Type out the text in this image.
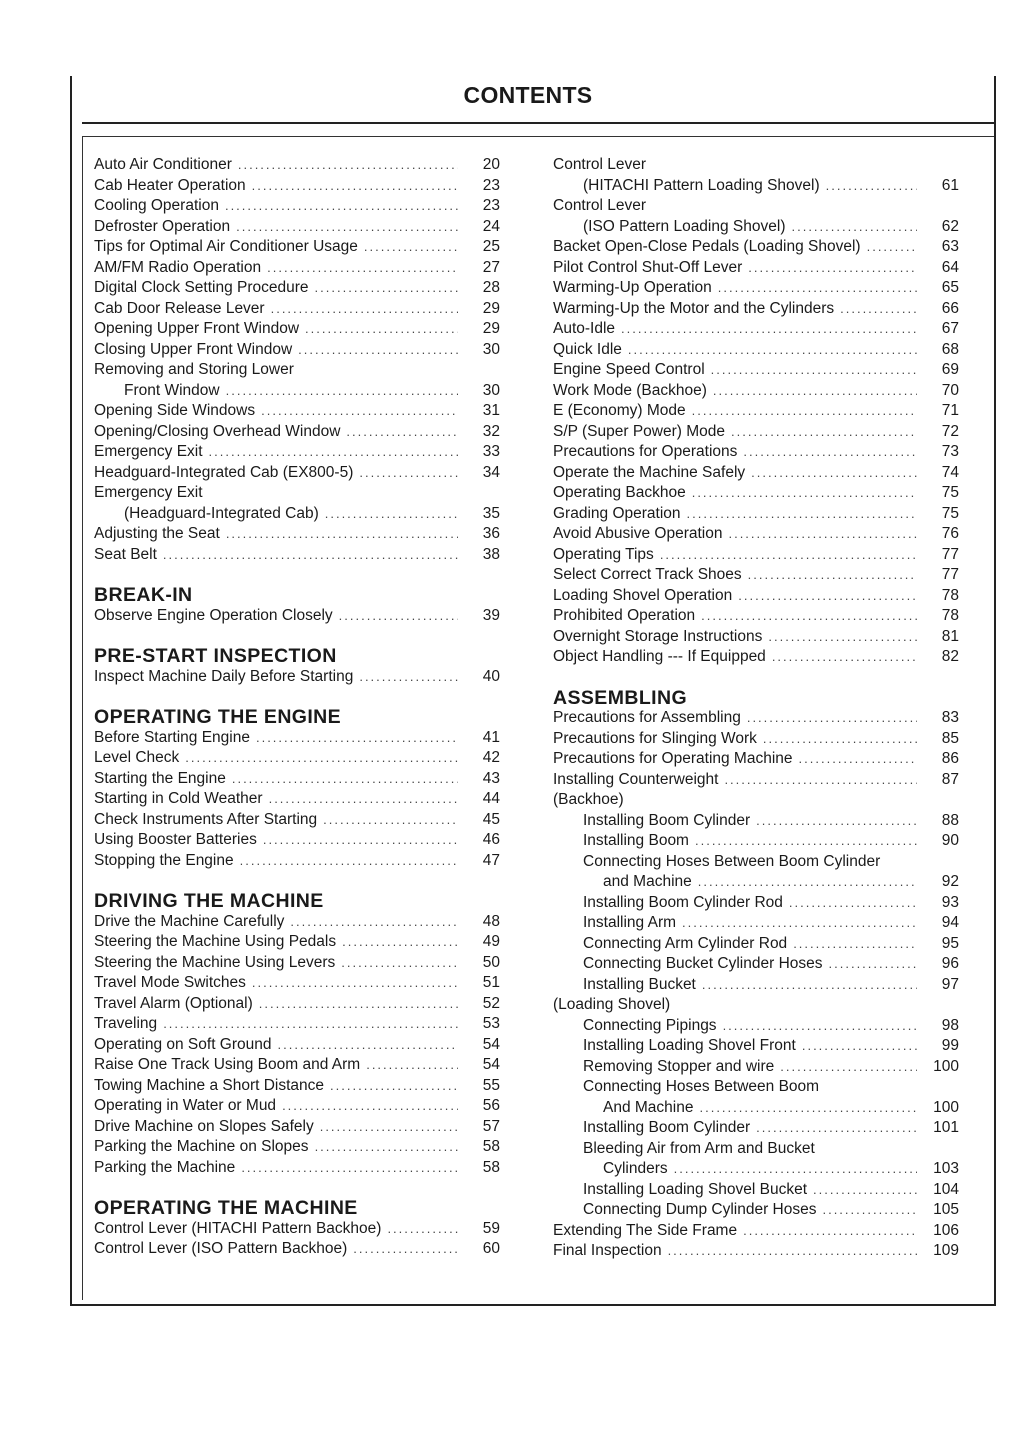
CONTENTS
Auto Air Conditioner .....	20
Cab Heater Operation .....	23
Cooling Operation .....	23
Defroster Operation .....	24
Tips for Optimal Air Conditioner Usage .....	25
AM/FM Radio Operation .....	27
Digital Clock Setting Procedure .....	28
Cab Door Release Lever .....	29
Opening Upper Front Window .....	29
Closing Upper Front Window .....	30
Removing and Storing Lower
Front Window .....	30
Opening Side Windows .....	31
Opening/Closing Overhead Window .....	32
Emergency Exit .....	33
Headguard-Integrated Cab (EX800-5) .....	34
Emergency Exit
(Headguard-Integrated Cab) .....	35
Adjusting the Seat .....	36
Seat Belt .....	38
BREAK-IN
Observe Engine Operation Closely .....	39
PRE-START INSPECTION
Inspect Machine Daily Before Starting .....	40
OPERATING THE ENGINE
Before Starting Engine .....	41
Level Check .....	42
Starting the Engine .....	43
Starting in Cold Weather .....	44
Check Instruments After Starting .....	45
Using Booster Batteries .....	46
Stopping the Engine .....	47
DRIVING THE MACHINE
Drive the Machine Carefully .....	48
Steering the Machine Using Pedals .....	49
Steering the Machine Using Levers .....	50
Travel Mode Switches .....	51
Travel Alarm (Optional) .....	52
Traveling .....	53
Operating on Soft Ground .....	54
Raise One Track Using Boom and Arm .....	54
Towing Machine a Short Distance .....	55
Operating in Water or Mud .....	56
Drive Machine on Slopes Safely .....	57
Parking the Machine on Slopes .....	58
Parking the Machine .....	58
OPERATING THE MACHINE
Control Lever (HITACHI Pattern Backhoe) .....	59
Control Lever (ISO Pattern Backhoe) .....	60
Control Lever
(HITACHI Pattern Loading Shovel) .....	61
Control Lever
(ISO Pattern Loading Shovel) .....	62
Backet Open-Close Pedals (Loading Shovel) .....	63
Pilot Control Shut-Off Lever .....	64
Warming-Up Operation .....	65
Warming-Up the Motor and the Cylinders .....	66
Auto-Idle .....	67
Quick Idle .....	68
Engine Speed Control .....	69
Work Mode (Backhoe) .....	70
E (Economy) Mode .....	71
S/P (Super Power) Mode .....	72
Precautions for Operations .....	73
Operate the Machine Safely .....	74
Operating Backhoe .....	75
Grading Operation .....	75
Avoid Abusive Operation .....	76
Operating Tips .....	77
Select Correct Track Shoes .....	77
Loading Shovel Operation .....	78
Prohibited Operation .....	78
Overnight Storage Instructions .....	81
Object Handling --- If Equipped .....	82
ASSEMBLING
Precautions for Assembling .....	83
Precautions for Slinging Work .....	85
Precautions for Operating Machine .....	86
Installing Counterweight .....	87
(Backhoe)
Installing Boom Cylinder .....	88
Installing Boom .....	90
Connecting Hoses Between Boom Cylinder
and Machine .....	92
Installing Boom Cylinder Rod .....	93
Installing Arm .....	94
Connecting Arm Cylinder Rod .....	95
Connecting Bucket Cylinder Hoses .....	96
Installing Bucket .....	97
(Loading Shovel)
Connecting Pipings .....	98
Installing Loading Shovel Front .....	99
Removing Stopper and wire .....	100
Connecting Hoses Between Boom
And Machine .....	100
Installing Boom Cylinder .....	101
Bleeding Air from Arm and Bucket
Cylinders .....	103
Installing Loading Shovel Bucket .....	104
Connecting Dump Cylinder Hoses .....	105
Extending The Side Frame .....	106
Final Inspection .....	109
